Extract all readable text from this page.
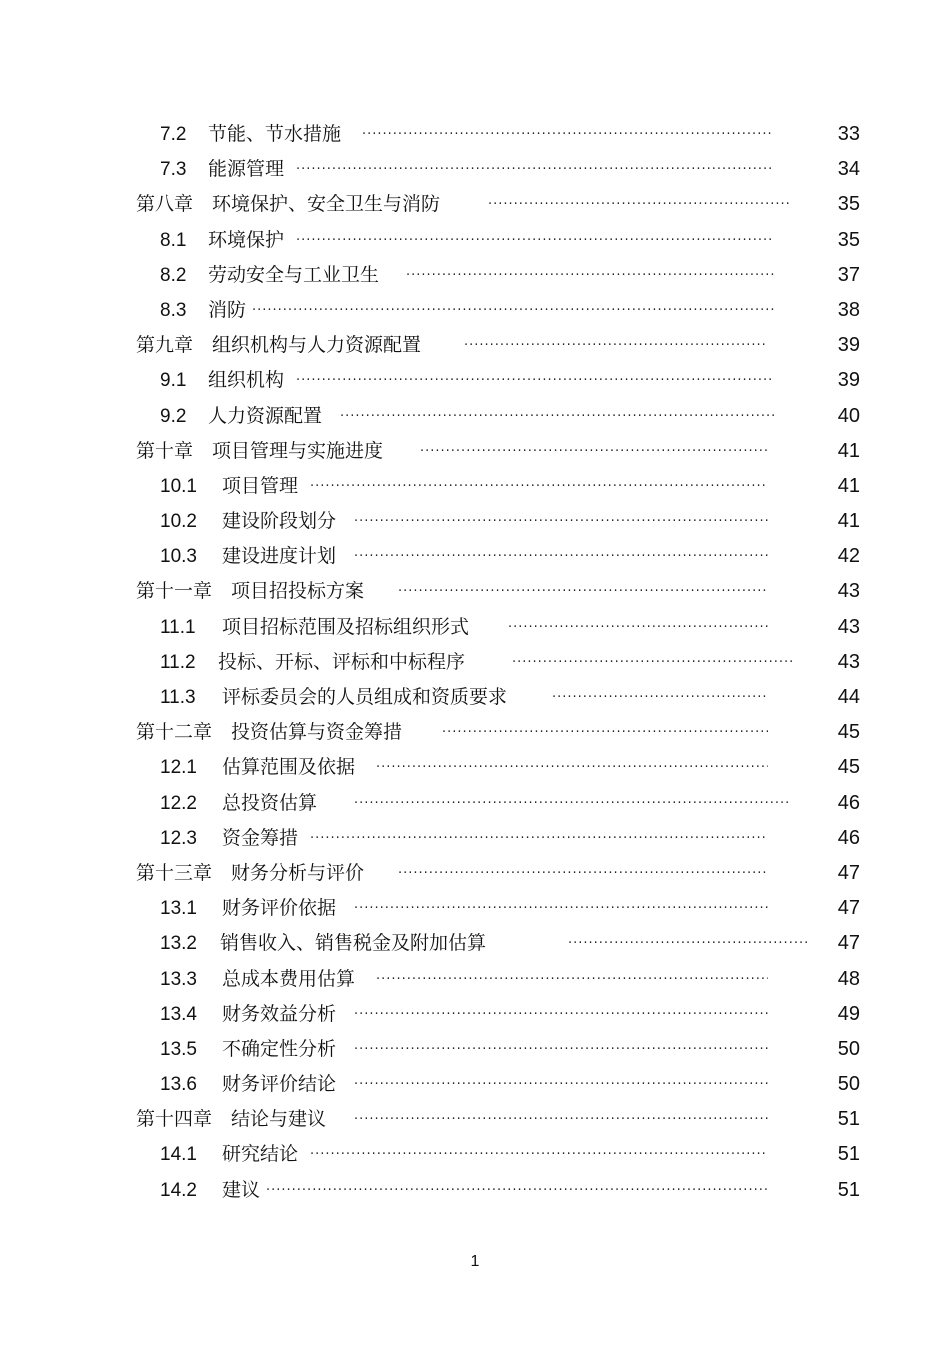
7.2 节能、节水措施 ·····	33
7.3 能源管理 ·····	34
第八章　环境保护、安全卫生与消防 ·····	35
8.1 环境保护 ·····	35
8.2 劳动安全与工业卫生 ·····	37
8.3 消防 ·····	38
第九章　组织机构与人力资源配置 ·····	39
9.1 组织机构 ·····	39
9.2 人力资源配置 ·····	40
第十章　项目管理与实施进度 ·····	41
10.1 项目管理 ·····	41
10.2 建设阶段划分 ·····	41
10.3 建设进度计划 ·····	42
第十一章　项目招投标方案 ·····	43
11.1 项目招标范围及招标组织形式 ·····	43
11.2 投标、开标、评标和中标程序 ·····	43
11.3 评标委员会的人员组成和资质要求 ·····	44
第十二章　投资估算与资金筹措 ·····	45
12.1 估算范围及依据 ·····	45
12.2 总投资估算 ·····	46
12.3 资金筹措 ·····	46
第十三章　财务分析与评价 ·····	47
13.1 财务评价依据 ·····	47
13.2 销售收入、销售税金及附加估算 ·····	47
13.3 总成本费用估算 ·····	48
13.4 财务效益分析 ·····	49
13.5 不确定性分析 ·····	50
13.6 财务评价结论 ·····	50
第十四章　结论与建议 ·····	51
14.1 研究结论 ·····	51
14.2 建议 ·····	51
1
